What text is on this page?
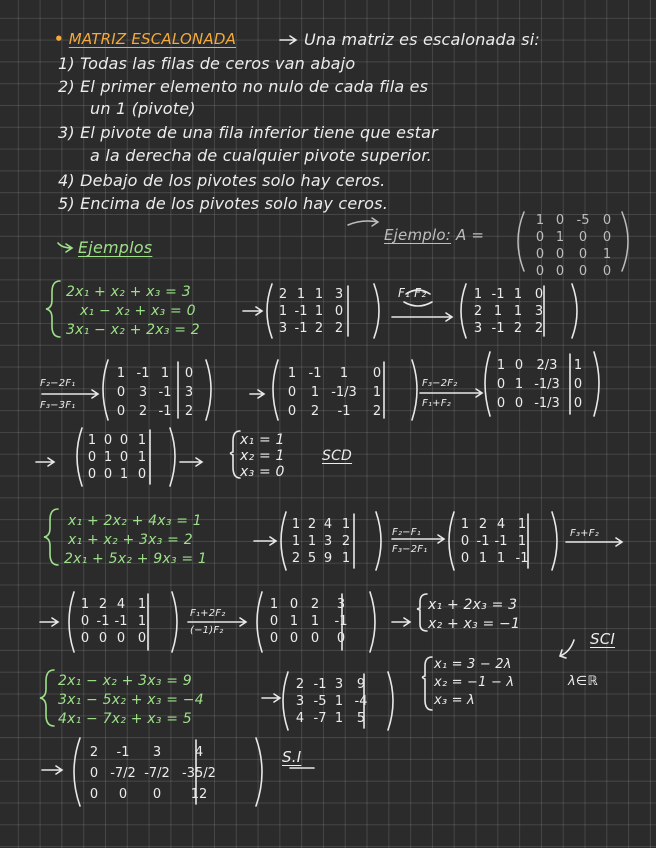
• MATRIZ ESCALONADA	Una matriz es escalonada si:
1) Todas las filas de ceros van abajo
2) El primer elemento no nulo de cada fila es
un 1 (pivote)
3) El pivote de una fila inferior tiene que estar
a la derecha de cualquier pivote superior.
4) Debajo de los pivotes solo hay ceros.
5) Encima de los pivotes solo hay ceros.
Ejemplo: A =
1 0 -5	0
0 1	0	0
0 0	0	1
0 0	0	0
Ejemplos
2x₁ + x₂ + x₃ = 3
x₁ − x₂ + x₃ = 0
3x₁ − x₂ + 2x₃ = 2
2 1 1 3
1 -1 1 0
3 -1 2 2
F₁ F₂	1 -1 1 0
2 1 1 3
3 -1 2 2
F₂−2F₁
F₃−3F₁
1 -1 1	0
0	3 -1	3
0	2 -1	2
1 -1	1	0
0	1 -1/3	1
0	2	-1	2
F₃−2F₂
F₁+F₂
1 0	2/3	1
0 1 -1/3	0
0 0 -1/3	0
1 0 0 1
0 1 0 1
0 0 1 0
x₁ = 1
x₂ = 1
x₃ = 0
SCD
x₁ + 2x₂ + 4x₃ = 1
x₁ + x₂ + 3x₃ = 2
2x₁ + 5x₂ + 9x₃ = 1
1 2 4 1
1 1 3 2
2 5 9 1
F₂−F₁
F₃−2F₁
1 2 4 1
0 -1 -1 1
0 1 1 -1
F₃+F₂
1 2 4 1
0 -1 -1 1
0 0 0 0
F₁+2F₂
(−1)F₂
1 0 2	3
0 1 1	-1
0 0 0	0
x₁ + 2x₃ = 3
x₂ + x₃ = −1
SCI
x₁ = 3 − 2λ
x₂ = −1 − λ
x₃ = λ
λ∈ℝ
2x₁ − x₂ + 3x₃ = 9
3x₁ − 5x₂ + x₃ = −4
4x₁ − 7x₂ + x₃ = 5
2 -1 3	9
3 -5 1 -4
4 -7 1	5
2	-1	3	4
0 -7/2 -7/2 -35/2
0	0	0	12
S.I
